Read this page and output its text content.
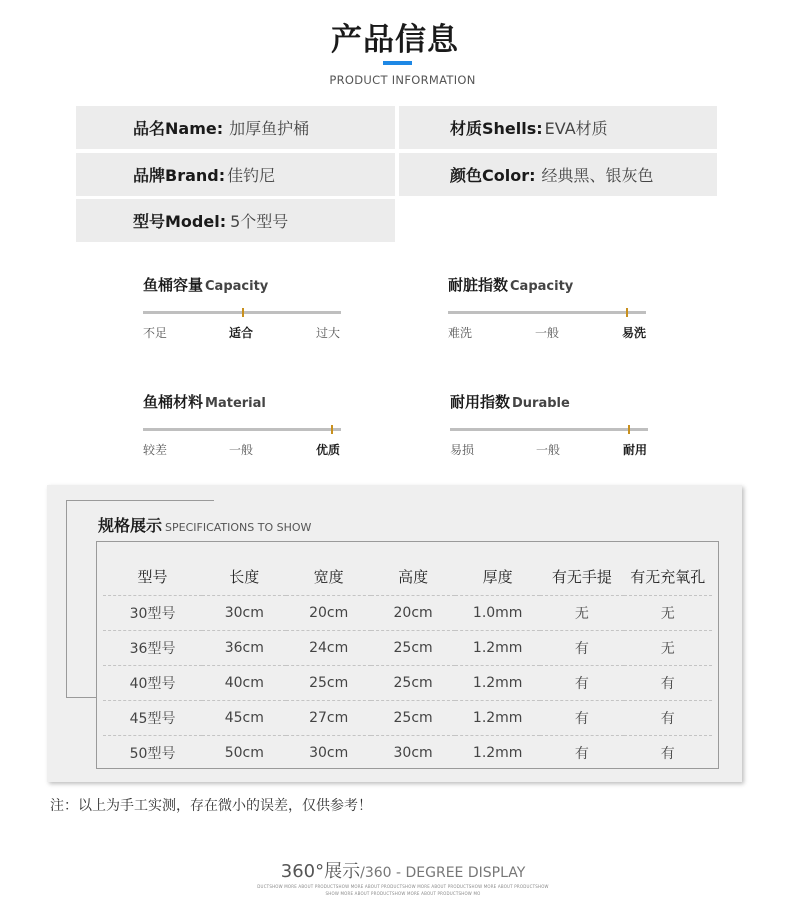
产品信息
PRODUCT INFORMATION
品名Name: 加厚鱼护桶	材质Shells: EVA材质
品牌Brand: 佳钓尼	颜色Color: 经典黑、银灰色
型号Model: 5个型号
鱼桶容量 Capacity
不足	适合	过大
耐脏指数 Capacity
难洗	一般	易洗
鱼桶材料 Material
较差	一般	优质
耐用指数 Durable
易损	一般	耐用
规格展示 SPECIFICATIONS TO SHOW
型号	长度	宽度	高度	厚度	有无手提	有无充氧孔
30型号	30cm	20cm	20cm	1.0mm	无	无
36型号	36cm	24cm	25cm	1.2mm	有	无
40型号	40cm	25cm	25cm	1.2mm	有	有
45型号	45cm	27cm	25cm	1.2mm	有	有
50型号	50cm	30cm	30cm	1.2mm	有	有
注：以上为手工实测，存在微小的误差，仅供参考！
360°展示/360 - DEGREE DISPLAY
DUCTSHOW MORE ABOUT PRODUCTSHOW MORE ABOUT PRODUCTSHOW MORE ABOUT PRODUCTSHOW MORE ABOUT PRODUCTSHOW
SHOW MORE ABOUT PRODUCTSHOW MORE ABOUT PRODUCTSHOW MO
